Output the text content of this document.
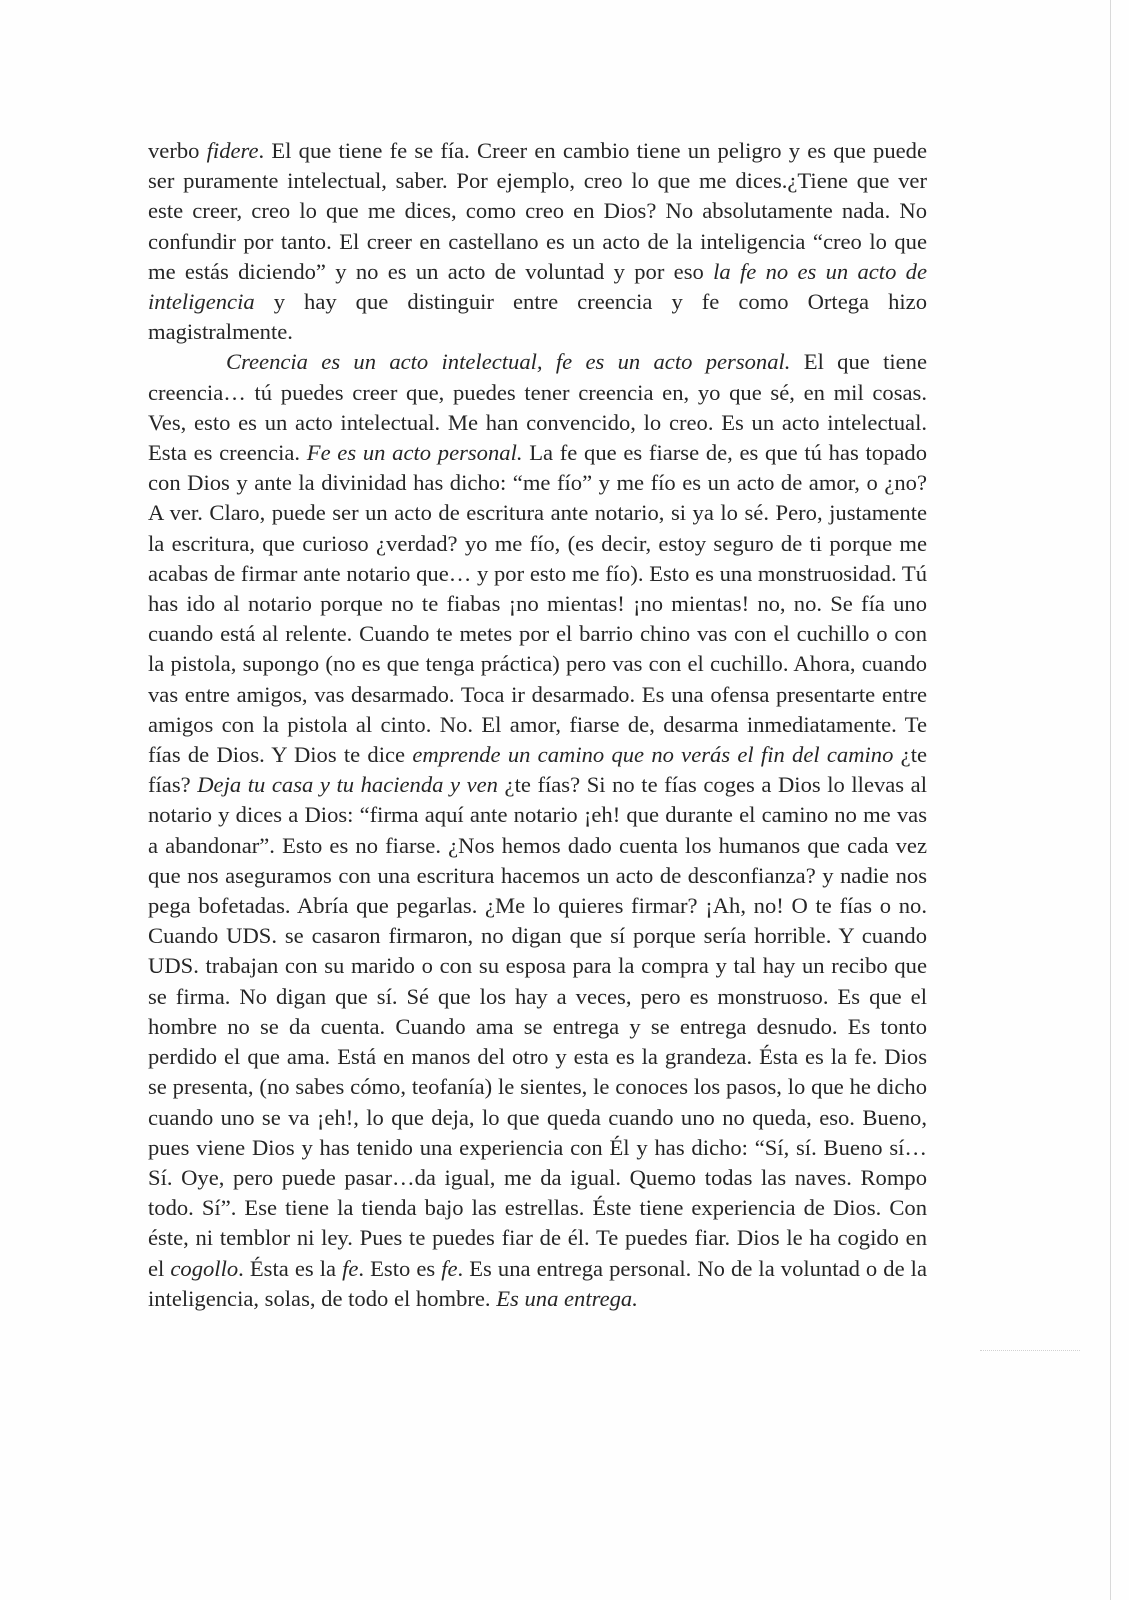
verbo fidere. El que tiene fe se fía. Creer en cambio tiene un peligro y es que puede ser puramente intelectual, saber. Por ejemplo, creo lo que me dices.¿Tiene que ver este creer, creo lo que me dices, como creo en Dios? No absolutamente nada. No confundir por tanto. El creer en castellano es un acto de la inteligencia “creo lo que me estás diciendo” y no es un acto de voluntad y por eso la fe no es un acto de inteligencia y hay que distinguir entre creencia y fe como Ortega hizo magistralmente.

Creencia es un acto intelectual, fe es un acto personal. El que tiene creencia… tú puedes creer que, puedes tener creencia en, yo que sé, en mil cosas. Ves, esto es un acto intelectual. Me han convencido, lo creo. Es un acto intelectual. Esta es creencia. Fe es un acto personal. La fe que es fiarse de, es que tú has topado con Dios y ante la divinidad has dicho: “me fío” y me fío es un acto de amor, o ¿no? A ver. Claro, puede ser un acto de escritura ante notario, si ya lo sé. Pero, justamente la escritura, que curioso ¿verdad? yo me fío, (es decir, estoy seguro de ti porque me acabas de firmar ante notario que… y por esto me fío). Esto es una monstruosidad. Tú has ido al notario porque no te fiabas ¡no mientas! ¡no mientas! no, no. Se fía uno cuando está al relente. Cuando te metes por el barrio chino vas con el cuchillo o con la pistola, supongo (no es que tenga práctica) pero vas con el cuchillo. Ahora, cuando vas entre amigos, vas desarmado. Toca ir desarmado. Es una ofensa presentarte entre amigos con la pistola al cinto. No. El amor, fiarse de, desarma inmediatamente. Te fías de Dios. Y Dios te dice emprende un camino que no verás el fin del camino ¿te fías? Deja tu casa y tu hacienda y ven ¿te fías? Si no te fías coges a Dios lo llevas al notario y dices a Dios: “firma aquí ante notario ¡eh! que durante el camino no me vas a abandonar”. Esto es no fiarse. ¿Nos hemos dado cuenta los humanos que cada vez que nos aseguramos con una escritura hacemos un acto de desconfianza? y nadie nos pega bofetadas. Abría que pegarlas. ¿Me lo quieres firmar? ¡Ah, no! O te fías o no. Cuando UDS. se casaron firmaron, no digan que sí porque sería horrible. Y cuando UDS. trabajan con su marido o con su esposa para la compra y tal hay un recibo que se firma. No digan que sí. Sé que los hay a veces, pero es monstruoso. Es que el hombre no se da cuenta. Cuando ama se entrega y se entrega desnudo. Es tonto perdido el que ama. Está en manos del otro y esta es la grandeza. Ésta es la fe. Dios se presenta, (no sabes cómo, teofanía) le sientes, le conoces los pasos, lo que he dicho cuando uno se va ¡eh!, lo que deja, lo que queda cuando uno no queda, eso. Bueno, pues viene Dios y has tenido una experiencia con Él y has dicho: “Sí, sí. Bueno sí… Sí. Oye, pero puede pasar…da igual, me da igual. Quemo todas las naves. Rompo todo. Sí”. Ese tiene la tienda bajo las estrellas. Éste tiene experiencia de Dios. Con éste, ni temblor ni ley. Pues te puedes fiar de él. Te puedes fiar. Dios le ha cogido en el cogollo. Ésta es la fe. Esto es fe. Es una entrega personal. No de la voluntad o de la inteligencia, solas, de todo el hombre. Es una entrega.
